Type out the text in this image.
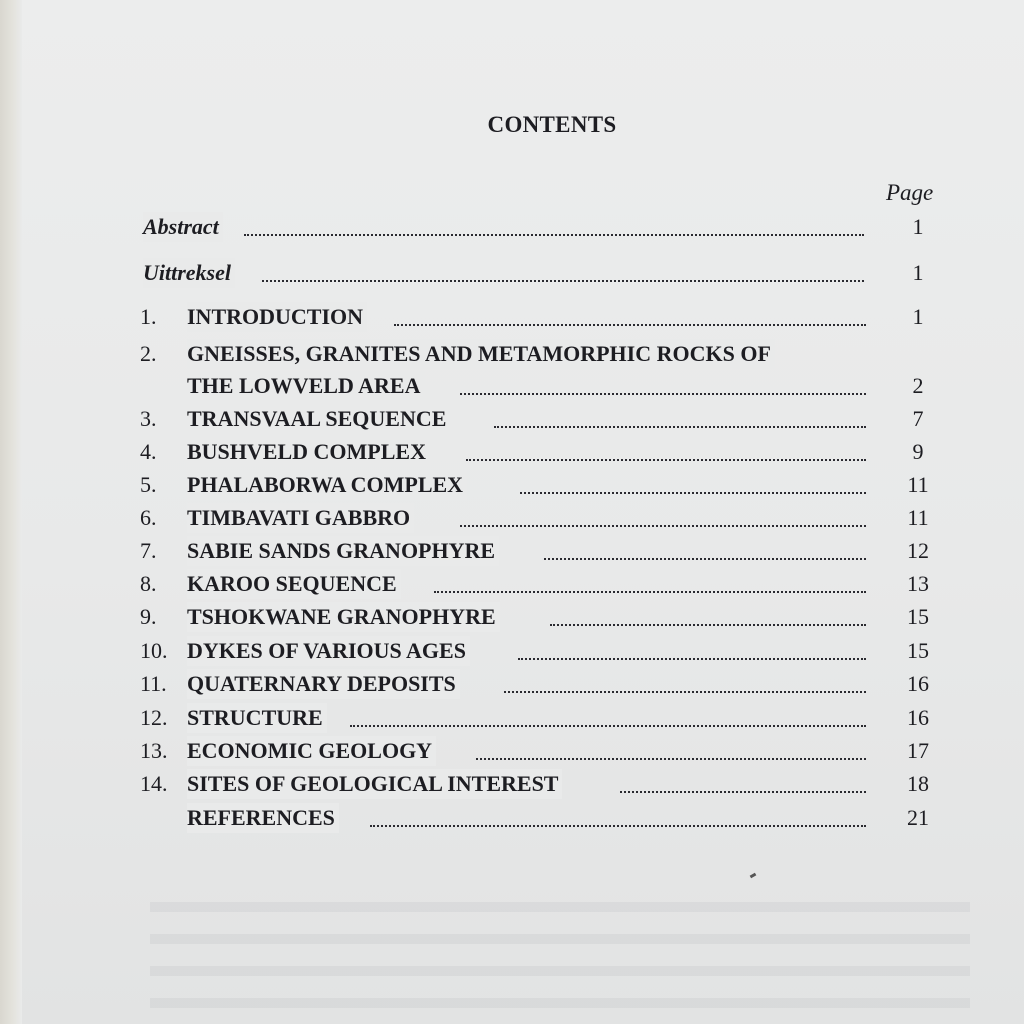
CONTENTS
Page
Abstract	1
Uittreksel	1
1. INTRODUCTION	1
2. GNEISSES, GRANITES AND METAMORPHIC ROCKS OF
THE LOWVELD AREA	2
3. TRANSVAAL SEQUENCE	7
4. BUSHVELD COMPLEX	9
5. PHALABORWA COMPLEX	11
6. TIMBAVATI GABBRO	11
7. SABIE SANDS GRANOPHYRE	12
8. KAROO SEQUENCE	13
9. TSHOKWANE GRANOPHYRE	15
10. DYKES OF VARIOUS AGES	15
11. QUATERNARY DEPOSITS	16
12. STRUCTURE	16
13. ECONOMIC GEOLOGY	17
14. SITES OF GEOLOGICAL INTEREST	18
REFERENCES	21
